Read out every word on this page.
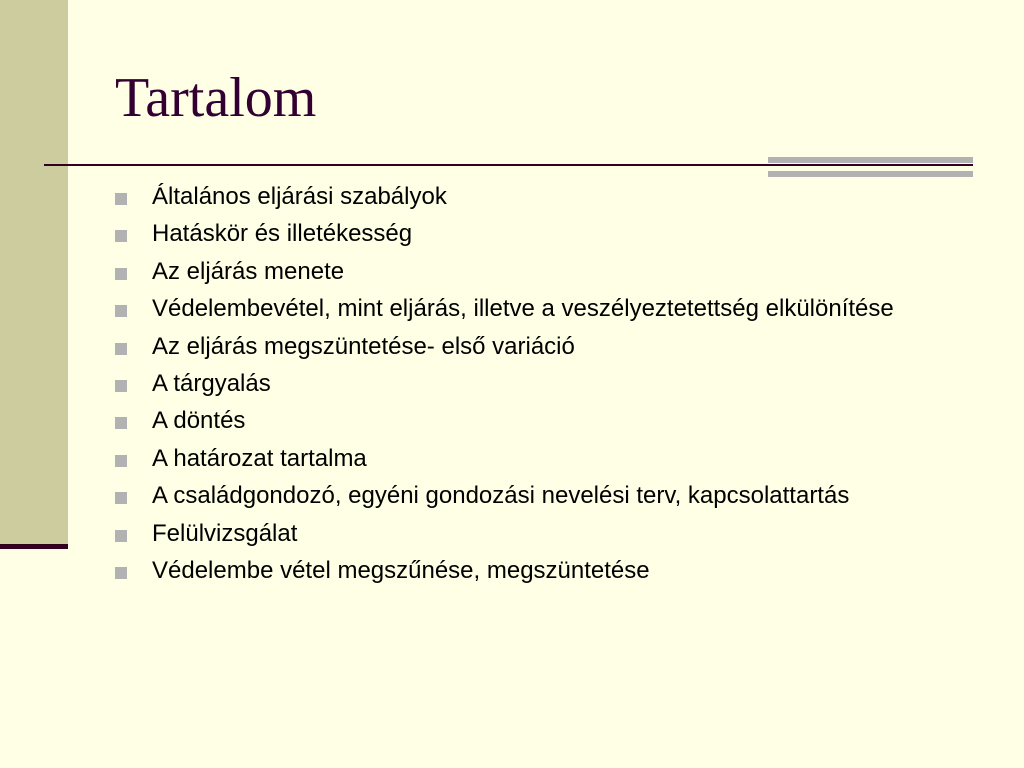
Tartalom
Általános eljárási szabályok
Hatáskör és illetékesség
Az eljárás menete
Védelembevétel, mint eljárás, illetve a veszélyeztetettség elkülönítése
Az eljárás megszüntetése- első variáció
A tárgyalás
A döntés
A határozat tartalma
A családgondozó, egyéni gondozási nevelési terv, kapcsolattartás
Felülvizsgálat
Védelembe vétel megszűnése, megszüntetése
